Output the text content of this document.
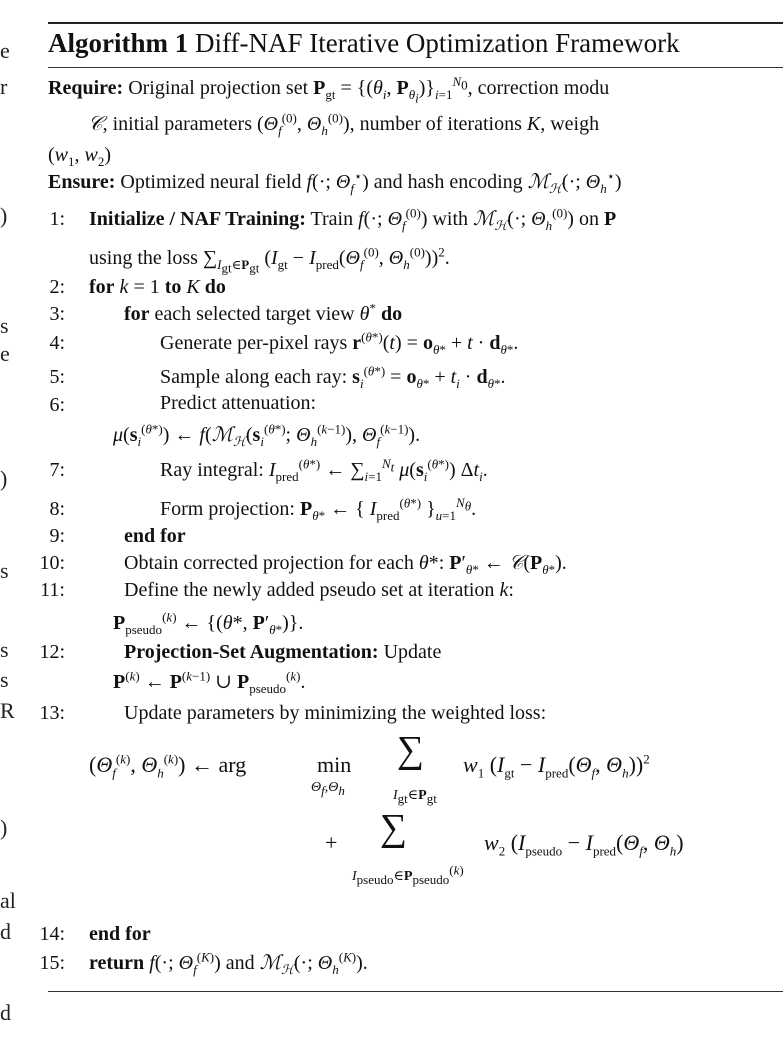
e
r
)
s
e
)
s
s
s
R
)
al
d
d
Algorithm 1 Diff-NAF Iterative Optimization Framework
Require: Original projection set $P_{gt} = \{(\theta_i$, $P_{\theta_i})\}_{i=1}^{N_0}$, correction modu
𝒞, initial parameters ($\Theta_f^{(0)}$, $\Theta_h^{(0)}$), number of iterations K, weigh
($w_1$, $w_2$)
Ensure: Optimized neural field f(·; $\Theta_f^⋆$) and hash encoding ℳ$_ℋ$(·; $\Theta_h^⋆$)
1: Initialize / NAF Training: Train f(·; $\Theta_f^{(0)}$) with ℳ$_ℋ$(·; $\Theta_h^{(0)}$) on P
using the loss $\sum_{I_{gt}\in P_{gt}}$ ($I_{gt} - I_{pred}(\Theta_f^{(0)}$, $\Theta_h^{(0)}))^2$.
2: for k = 1 to K do
3:	for each selected target view θ* do
4:	Generate per-pixel rays $r^{(\theta*)}(t) = o_{\theta*} + t \cdot d_{\theta*}$.
5:	Sample along each ray: $s_i^{(\theta*)} = o_{\theta*} + t_i \cdot d_{\theta*}$.
6:	Predict attenuation:
$\mu(s_i^{(\theta*)})$ ← $f(ℳ_ℋ(s_i^{(\theta*)}$; $\Theta_h^{(k-1)}$), $\Theta_f^{(k-1)}$).
7:	Ray integral: $I_{pred}^{(\theta*)}$ ← $\sum_{i=1}^{N_t}$ $\mu(s_i^{(\theta*)})$ $\Delta t_i$.
8:	Form projection: $P_{\theta*}$ ← { $I_{pred}^{(\theta*)}$ }$_{u=1}^{N_\theta}$.
9:	end for
10:	Obtain corrected projection for each θ*: $P'_{\theta*}$ ← $𝒞(P_{\theta*})$.
11:	Define the newly added pseudo set at iteration k:
$P_{pseudo}^{(k)}$ ← {(θ*, $P'_{\theta*}$)}.
12:	Projection-Set Augmentation: Update
$P^{(k)}$ ← $P^{(k-1)}$ ∪ $P_{pseudo}^{(k)}$.
13:	Update parameters by minimizing the weighted loss:
($\Theta_f^{(k)}$, $\Theta_h^{(k)}$) ← arg	min
$\Theta_f,\Theta_h$
∑
$I_{gt}\in P_{gt}$
$w_1$ ($I_{gt} - I_{pred}(\Theta_f$, $\Theta_h))^2$
+ ∑
$I_{pseudo}\in P_{pseudo}^{(k)}$
$w_2$ ($I_{pseudo} - I_{pred}(\Theta_f$, $\Theta_h$)
14: end for
15: return f(·; $\Theta_f^{(K)}$) and ℳ$_ℋ$(·; $\Theta_h^{(K)}$).
